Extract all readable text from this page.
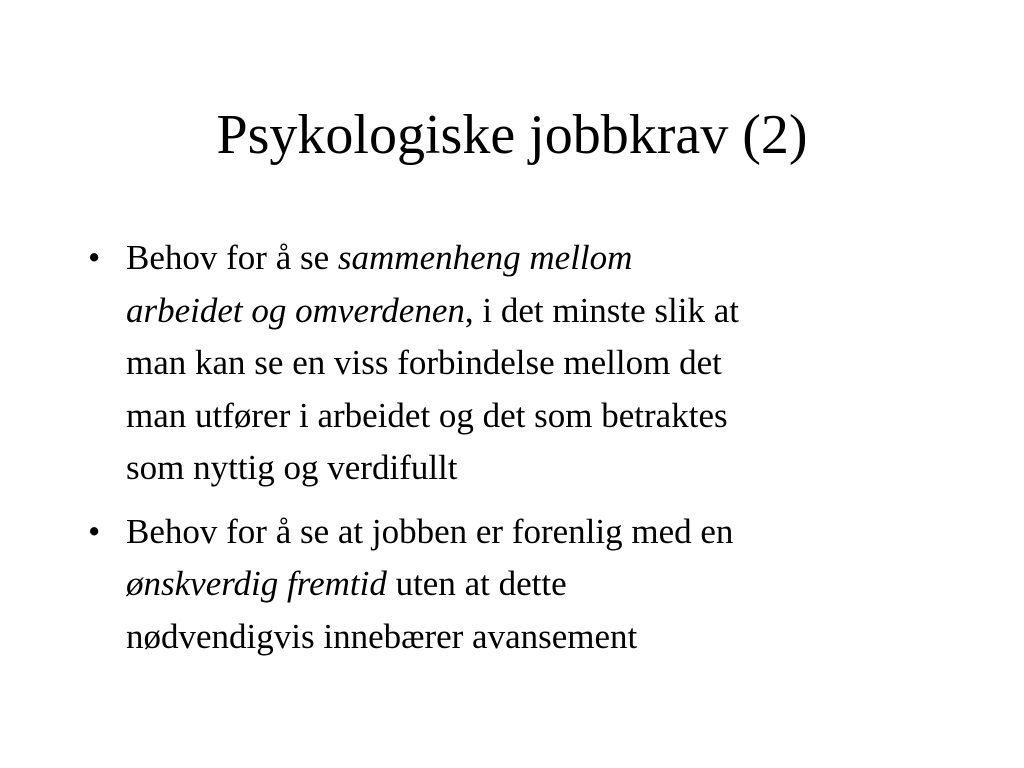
Psykologiske jobbkrav (2)
• Behov for å se sammenheng mellom
arbeidet og omverdenen, i det minste slik at
man kan se en viss forbindelse mellom det
man utfører i arbeidet og det som betraktes
som nyttig og verdifullt
• Behov for å se at jobben er forenlig med en
ønskverdig fremtid uten at dette
nødvendigvis innebærer avansement
